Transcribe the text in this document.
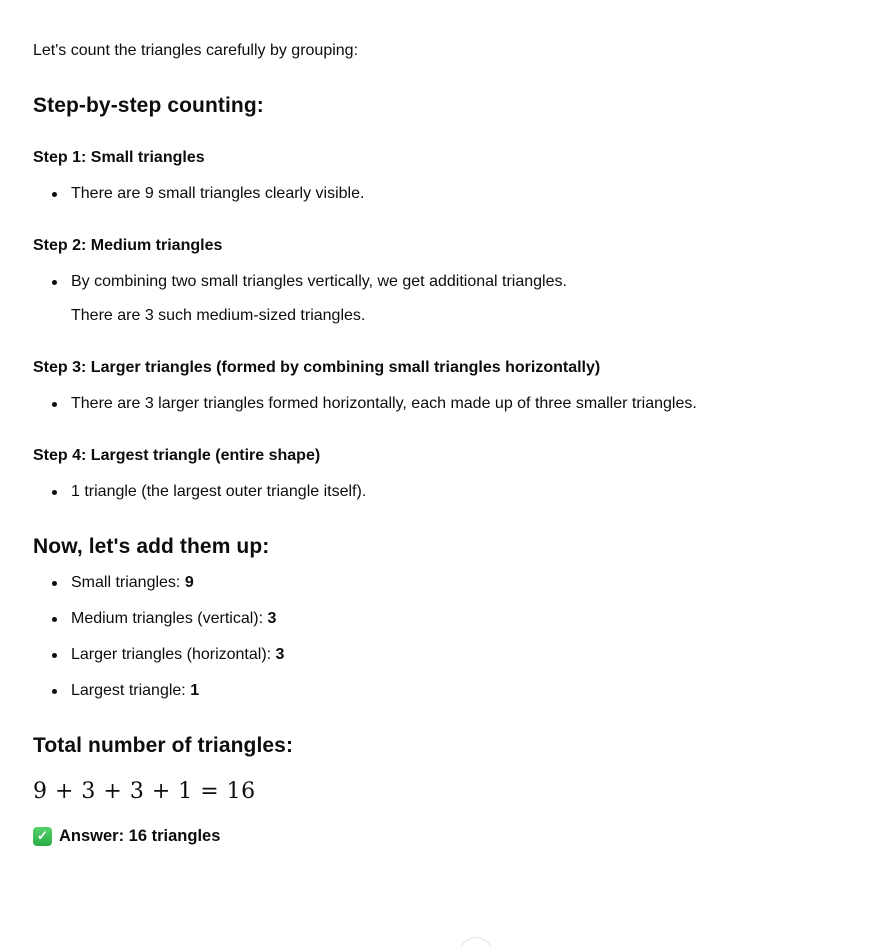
Let's count the triangles carefully by grouping:

Step-by-step counting:
Step 1: Small triangles
There are 9 small triangles clearly visible.
Step 2: Medium triangles
By combining two small triangles vertically, we get additional triangles.
There are 3 such medium-sized triangles.
Step 3: Larger triangles (formed by combining small triangles horizontally)
There are 3 larger triangles formed horizontally, each made up of three smaller triangles.
Step 4: Largest triangle (entire shape)
1 triangle (the largest outer triangle itself).
Now, let's add them up:
Small triangles: 9
Medium triangles (vertical): 3
Larger triangles (horizontal): 3
Largest triangle: 1
Total number of triangles:
9 + 3 + 3 + 1 = 16
✓ Answer: 16 triangles
